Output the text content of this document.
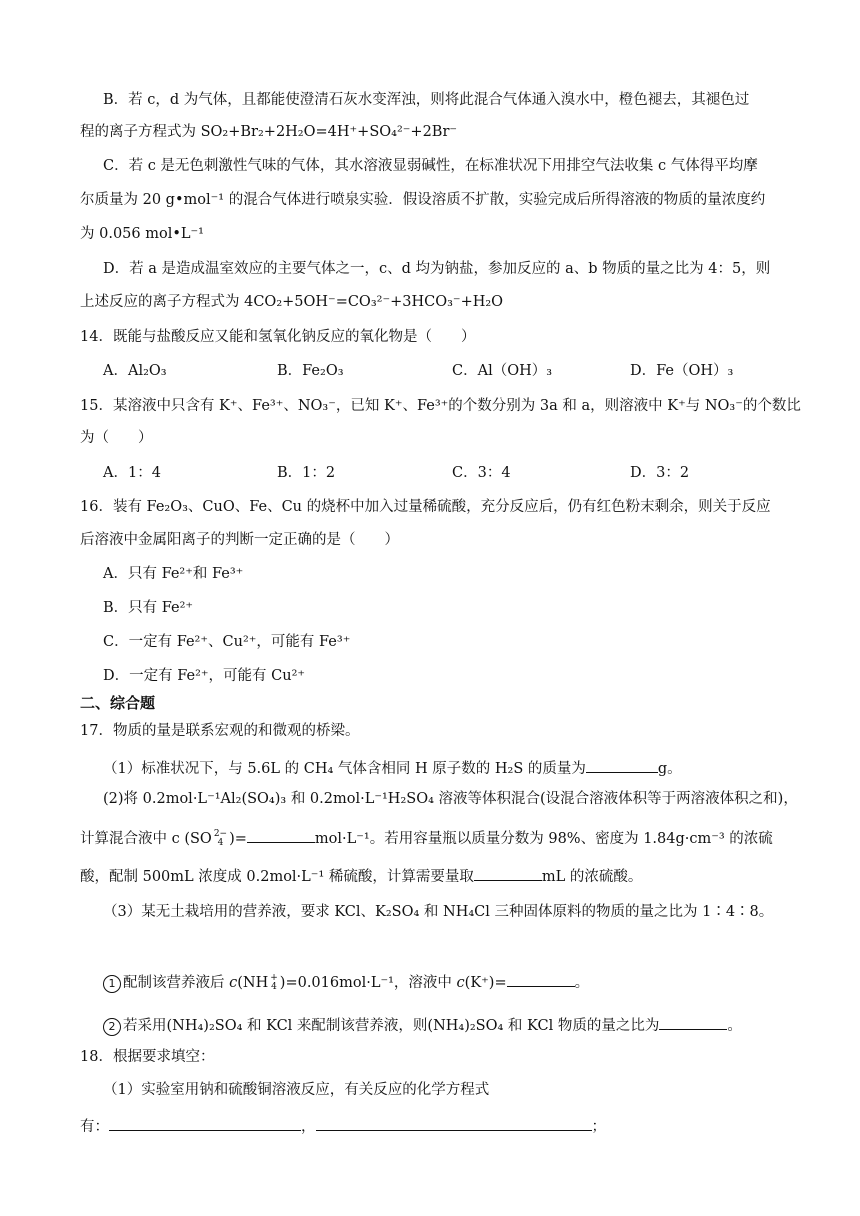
B．若 c，d 为气体，且都能使澄清石灰水变浑浊，则将此混合气体通入溴水中，橙色褪去，其褪色过
程的离子方程式为 SO₂+Br₂+2H₂O=4H⁺+SO₄²⁻+2Br⁻
C．若 c 是无色刺激性气味的气体，其水溶液显弱碱性，在标准状况下用排空气法收集 c 气体得平均摩
尔质量为 20 g•mol⁻¹ 的混合气体进行喷泉实验．假设溶质不扩散，实验完成后所得溶液的物质的量浓度约
为 0.056 mol•L⁻¹
D．若 a 是造成温室效应的主要气体之一，c、d 均为钠盐，参加反应的 a、b 物质的量之比为 4：5，则
上述反应的离子方程式为 4CO₂+5OH⁻=CO₃²⁻+3HCO₃⁻+H₂O
14．既能与盐酸反应又能和氢氧化钠反应的氧化物是（　　）
A．Al₂O₃	B．Fe₂O₃	C．Al（OH）₃	D．Fe（OH）₃
15．某溶液中只含有 K⁺、Fe³⁺、NO₃⁻，已知 K⁺、Fe³⁺的个数分别为 3a 和 a，则溶液中 K⁺与 NO₃⁻的个数比
为（　　）
A．1：4	B．1：2	C．3：4	D．3：2
16．装有 Fe₂O₃、CuO、Fe、Cu 的烧杯中加入过量稀硫酸，充分反应后，仍有红色粉末剩余，则关于反应
后溶液中金属阳离子的判断一定正确的是（　　）
A．只有 Fe²⁺和 Fe³⁺
B．只有 Fe²⁺
C．一定有 Fe²⁺、Cu²⁺，可能有 Fe³⁺
D．一定有 Fe²⁺，可能有 Cu²⁺
二、综合题
17．物质的量是联系宏观的和微观的桥梁。
（1）标准状况下，与 5.6L 的 CH₄ 气体含相同 H 原子数的 H₂S 的质量为	g。
(2)将 0.2mol·L⁻¹Al₂(SO₄)₃ 和 0.2mol·L⁻¹H₂SO₄ 溶液等体积混合(设混合溶液体积等于两溶液体积之和)，
计算混合液中 c (SO 2−
4 )=	mol·L⁻¹。若用容量瓶以质量分数为 98%、密度为 1.84g·cm⁻³ 的浓硫
酸，配制 500mL 浓度成 0.2mol·L⁻¹ 稀硫酸，计算需要量取	mL 的浓硫酸。
（3）某无土栽培用的营养液，要求 KCl、K₂SO₄ 和 NH₄Cl 三种固体原料的物质的量之比为 1∶4∶8。
1 配制该营养液后 c(NH +
4 )=0.016mol·L⁻¹，溶液中 c(K⁺)=	。
2 若采用(NH₄)₂SO₄ 和 KCl 来配制该营养液，则(NH₄)₂SO₄ 和 KCl 物质的量之比为	。
18．根据要求填空：
（1）实验室用钠和硫酸铜溶液反应，有关反应的化学方程式
有：	，	；
